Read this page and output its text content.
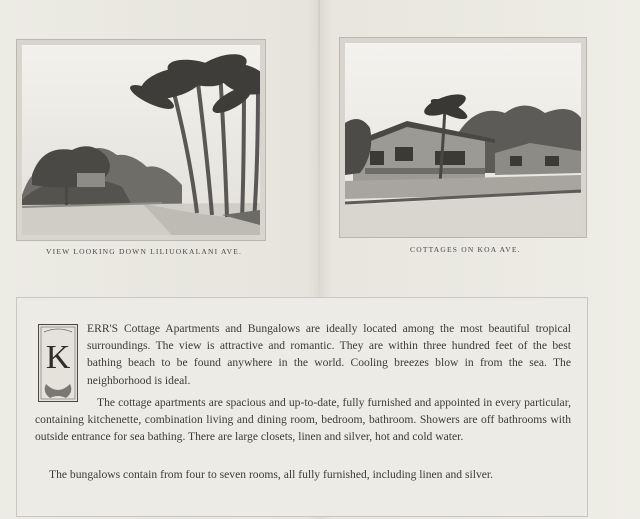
VIEW LOOKING DOWN LILIUOKALANI AVE.	COTTAGES ON KOA AVE.
K
ERR'S Cottage Apartments and Bungalows are ideally located among the most beautiful tropical surroundings. The view is attractive and romantic. They are within three hundred feet of the best bathing beach to be found anywhere in the world. Cooling breezes blow in from the sea. The neighborhood is ideal.
The cottage apartments are spacious and up-to-date, fully furnished and appointed in every particular, containing kitchenette, combination living and dining room, bedroom, bathroom. Showers are off bathrooms with outside entrance for sea bathing. There are large closets, linen and silver, hot and cold water.
The bungalows contain from four to seven rooms, all fully furnished, including linen and silver.
